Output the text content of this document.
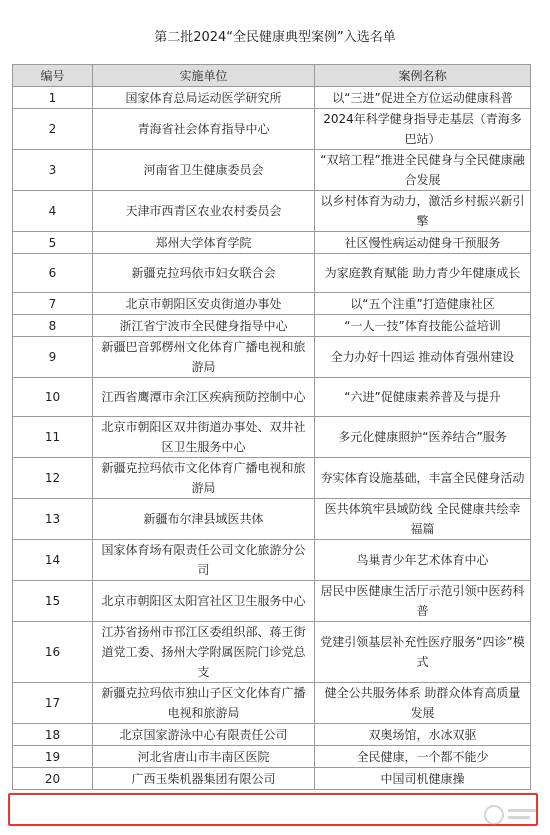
第二批2024“全民健康典型案例”入选名单
编号	实施单位	案例名称
1	国家体育总局运动医学研究所	以“三进”促进全方位运动健康科普
2	青海省社会体育指导中心	2024年科学健身指导走基层（青海多巴站）
3	河南省卫生健康委员会	“双培工程”推进全民健身与全民健康融合发展
4	天津市西青区农业农村委员会	以乡村体育为动力，激活乡村振兴新引擎
5	郑州大学体育学院	社区慢性病运动健身干预服务
6	新疆克拉玛依市妇女联合会	为家庭教育赋能 助力青少年健康成长
7	北京市朝阳区安贞街道办事处	以“五个注重”打造健康社区
8	浙江省宁波市全民健身指导中心	“一人一技”体育技能公益培训
9	新疆巴音郭楞州文化体育广播电视和旅游局	全力办好十四运 推动体育强州建设
10	江西省鹰潭市余江区疾病预防控制中心	“六进”促健康素养普及与提升
11	北京市朝阳区双井街道办事处、双井社区卫生服务中心	多元化健康照护“医养结合”服务
12	新疆克拉玛依市文化体育广播电视和旅游局	夯实体育设施基础，丰富全民健身活动
13	新疆布尔津县域医共体	医共体筑牢县域防线 全民健康共绘幸福篇
14	国家体育场有限责任公司文化旅游分公司	鸟巢青少年艺术体育中心
15	北京市朝阳区太阳宫社区卫生服务中心	居民中医健康生活厅示范引领中医药科普
16	江苏省扬州市邗江区委组织部、蒋王街道党工委、扬州大学附属医院门诊党总支	党建引领基层补充性医疗服务“四诊”模式
17	新疆克拉玛依市独山子区文化体育广播电视和旅游局	健全公共服务体系 助群众体育高质量发展
18	北京国家游泳中心有限责任公司	双奥场馆，水冰双驱
19	河北省唐山市丰南区医院	全民健康，一个都不能少
20	广西玉柴机器集团有限公司	中国司机健康操
